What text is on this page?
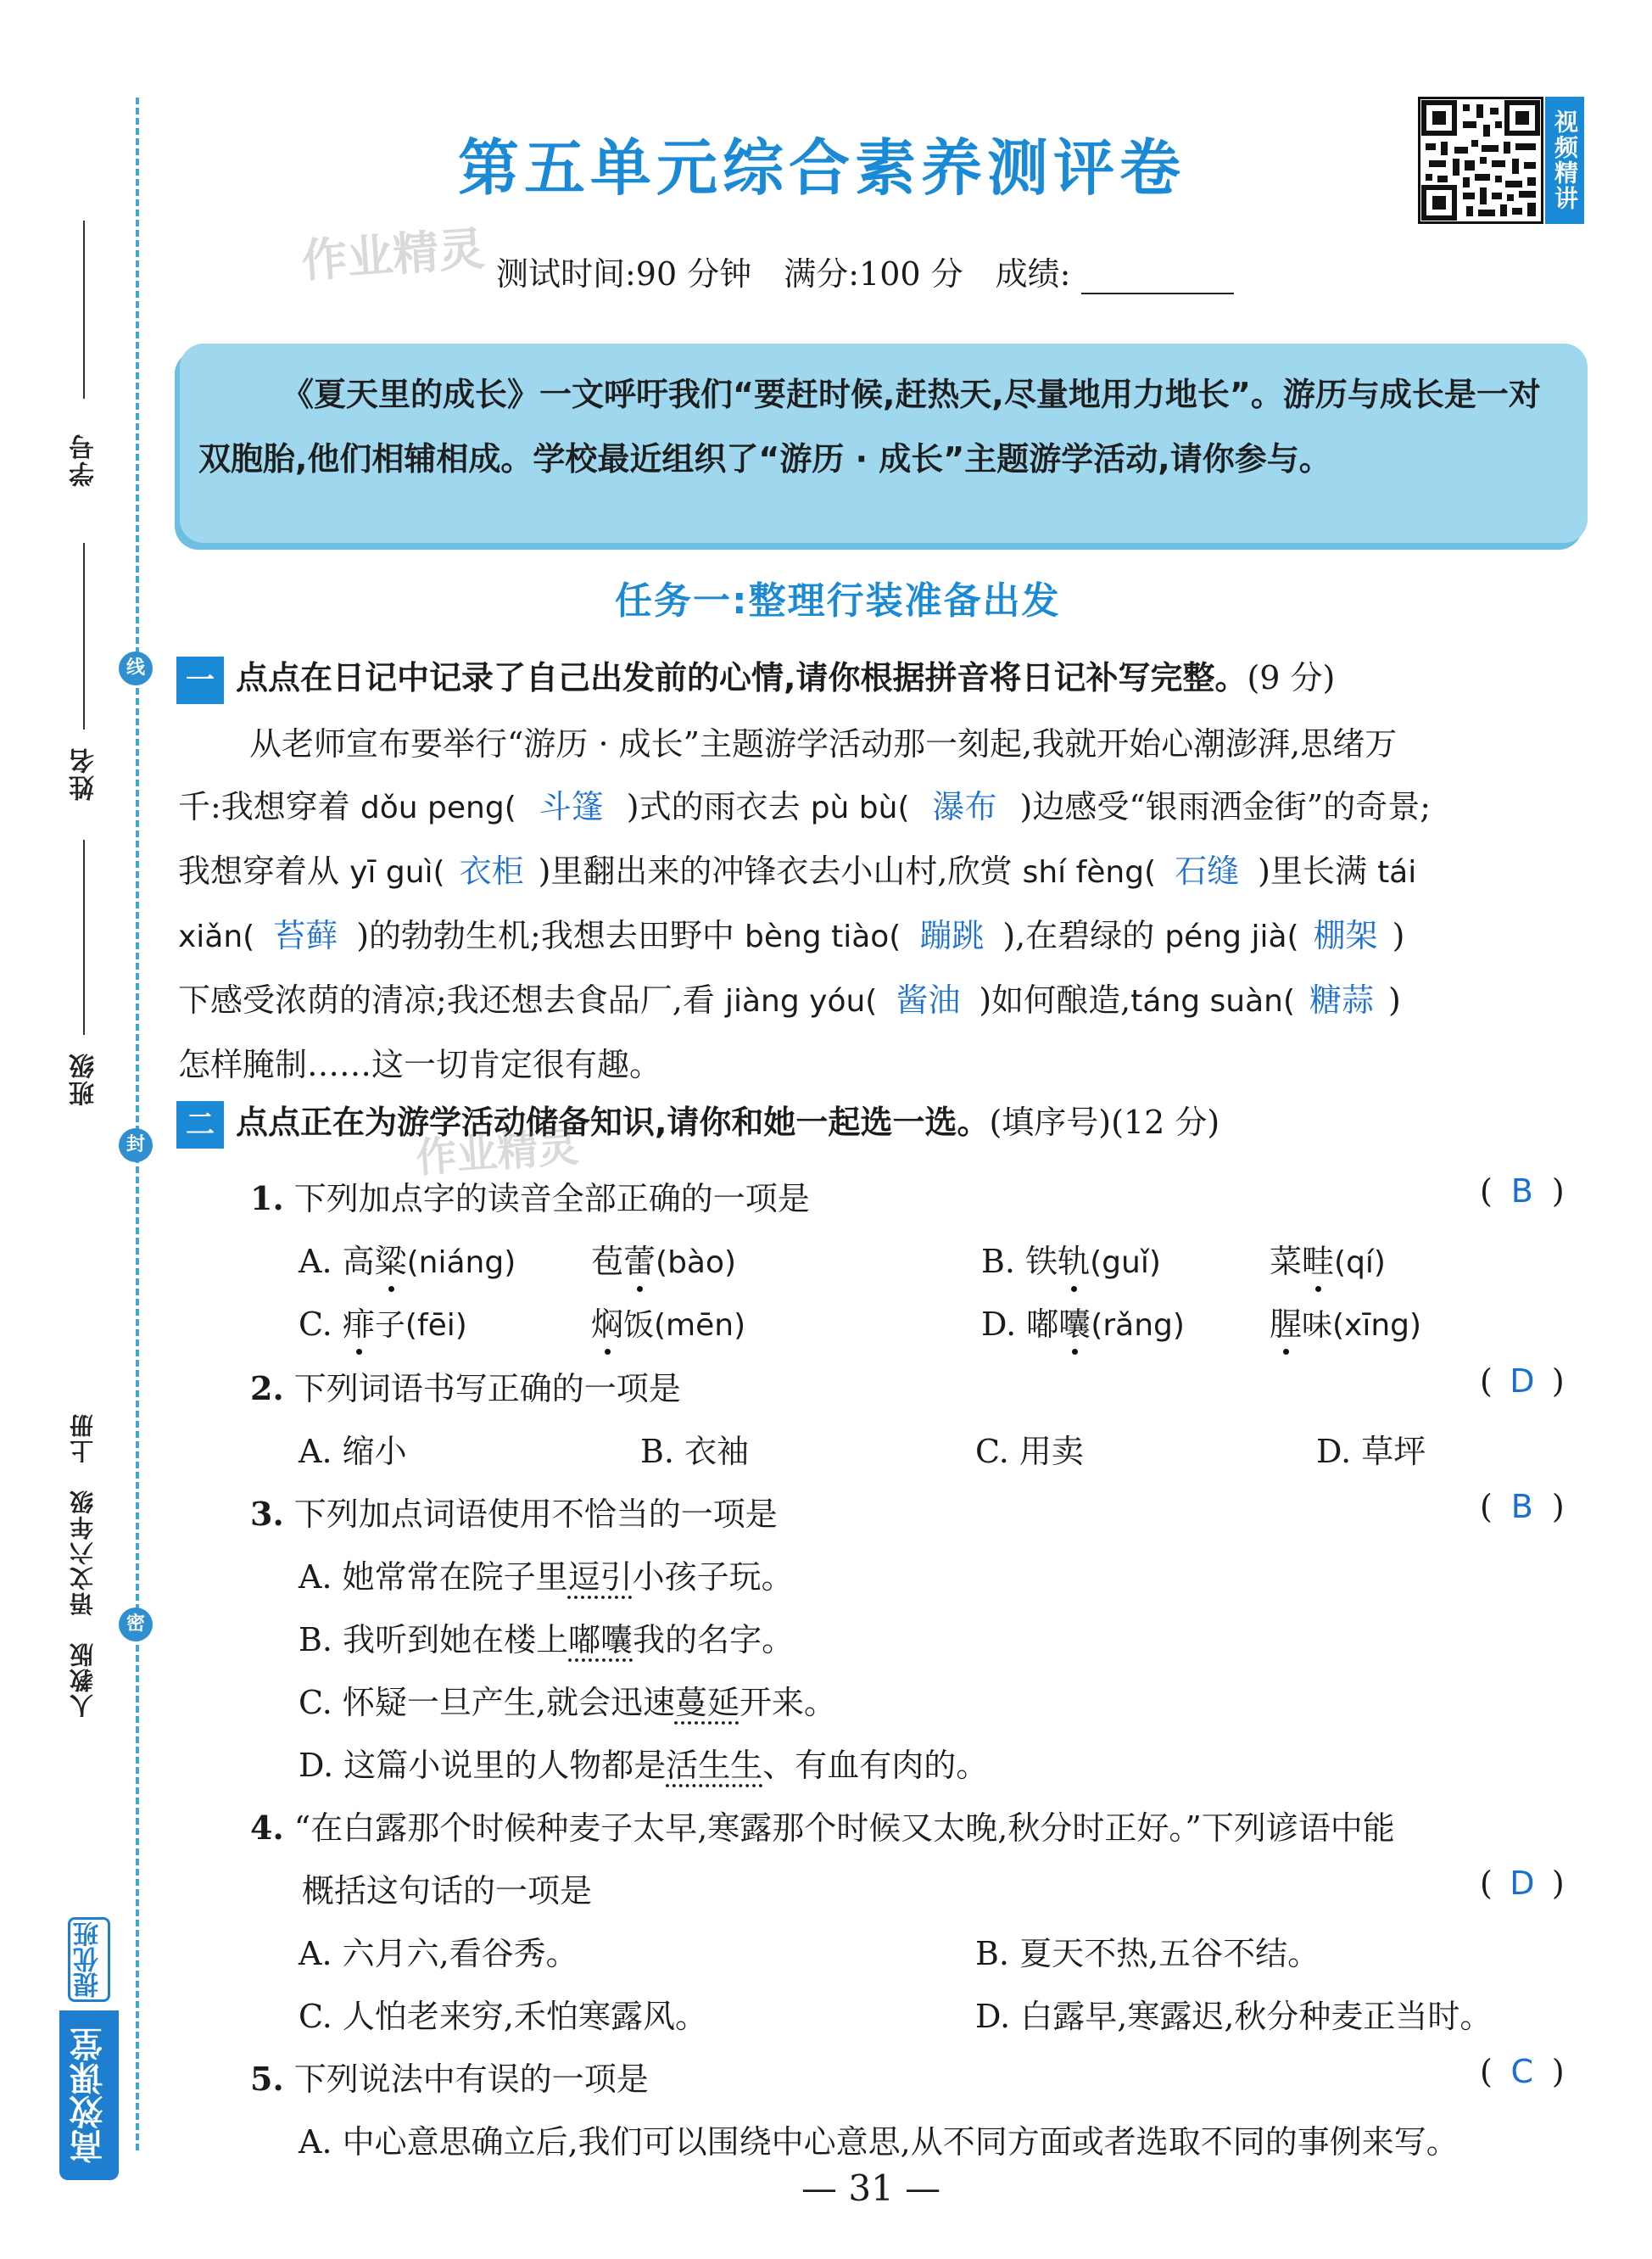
学号
姓名
班级
线
封
密
人教版　语文六年级　上册
提优班
高效课堂
第五单元综合素养测评卷	视频精讲
作业精灵 测试时间:90 分钟　满分:100 分　成绩:
《夏天里的成长》一文呼吁我们“要赶时候,赶热天,尽量地用力地长”。游历与成长是一对双胞胎,他们相辅相成。学校最近组织了“游历 · 成长”主题游学活动,请你参与。
任务一:整理行装准备出发
一 点点在日记中记录了自己出发前的心情,请你根据拼音将日记补写完整。(9 分)
从老师宣布要举行“游历 · 成长”主题游学活动那一刻起,我就开始心潮澎湃,思绪万
千:我想穿着 dǒu peng( 斗篷 )式的雨衣去 pù bù( 瀑布 )边感受“银雨洒金街”的奇景;
我想穿着从 yī guì( 衣柜 )里翻出来的冲锋衣去小山村,欣赏 shí fèng( 石缝 )里长满 tái
xiǎn( 苔藓 )的勃勃生机;我想去田野中 bèng tiào( 蹦跳 ),在碧绿的 péng jià( 棚架 )
下感受浓荫的清凉;我还想去食品厂,看 jiàng yóu( 酱油 )如何酿造,táng suàn( 糖蒜 )
怎样腌制……这一切肯定很有趣。
二 点点正在为游学活动储备知识,请你和她一起选一选。(填序号)(12 分)
作业精灵
1. 下列加点字的读音全部正确的一项是	( B )
A. 高粱(niáng) 苞蕾(bào)	B. 铁轨(guǐ)	菜畦(qí)
C. 痱子(fēi)	焖饭(mēn)	D. 嘟囔(rǎng)	腥味(xīng)
2. 下列词语书写正确的一项是	( D )
A. 缩小	B. 衣袖	C. 用卖	D. 草坪
3. 下列加点词语使用不恰当的一项是	( B )
A. 她常常在院子里逗引小孩子玩。
B. 我听到她在楼上嘟囔我的名字。
C. 怀疑一旦产生,就会迅速蔓延开来。
D. 这篇小说里的人物都是活生生、有血有肉的。
4. “在白露那个时候种麦子太早,寒露那个时候又太晚,秋分时正好。”下列谚语中能
概括这句话的一项是	( D )
A. 六月六,看谷秀。	B. 夏天不热,五谷不结。
C. 人怕老来穷,禾怕寒露风。	D. 白露早,寒露迟,秋分种麦正当时。
5. 下列说法中有误的一项是	( C )
A. 中心意思确立后,我们可以围绕中心意思,从不同方面或者选取不同的事例来写。
— 31 —
